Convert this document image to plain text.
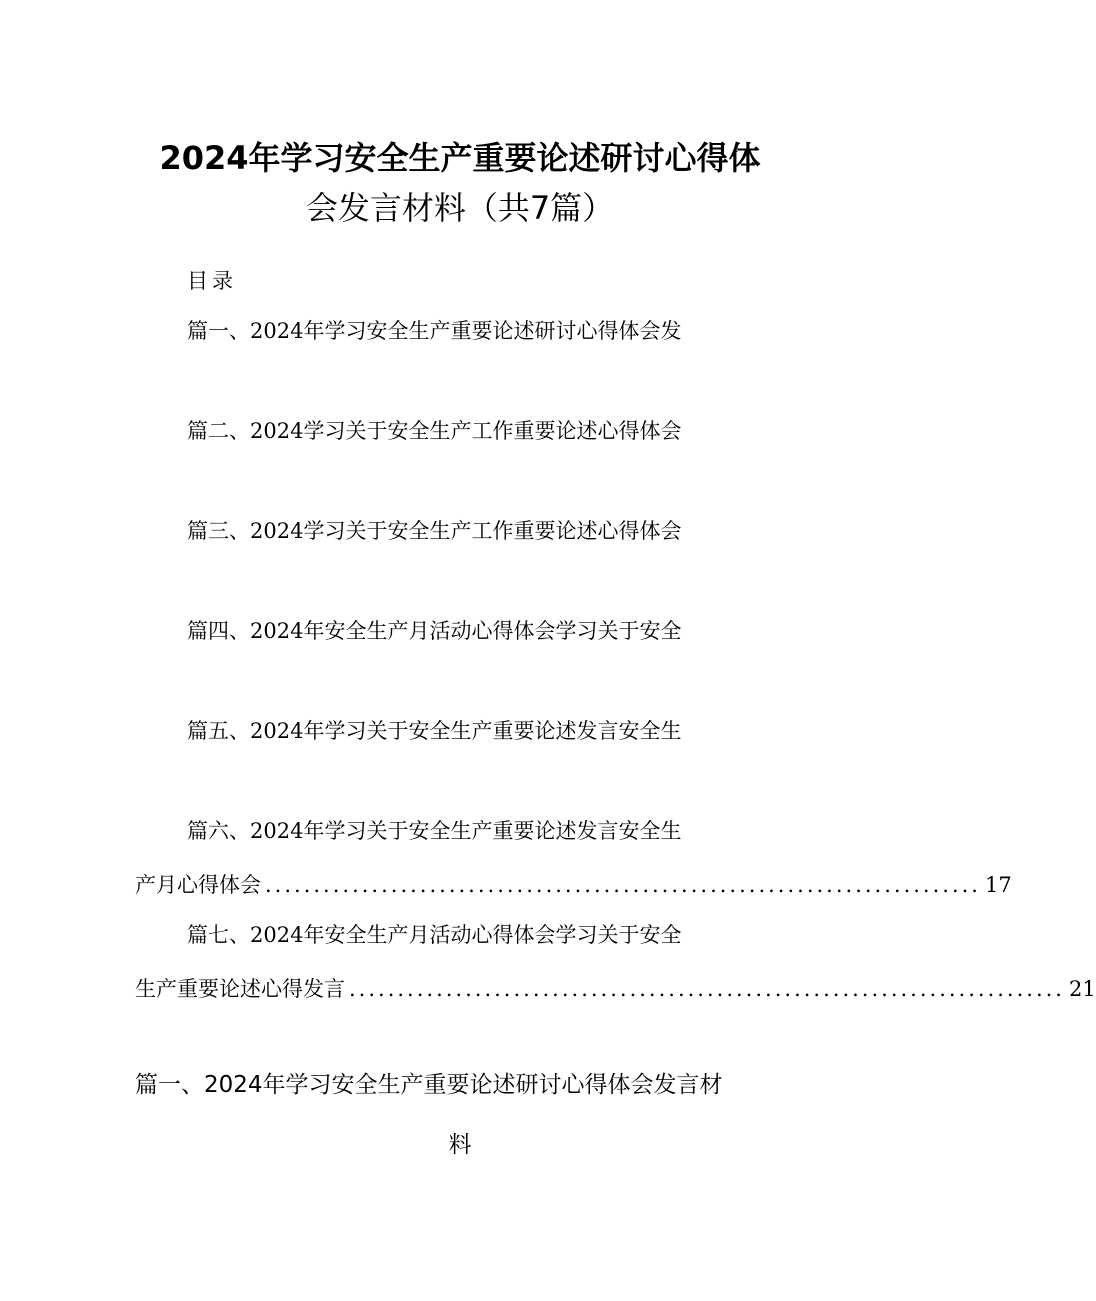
2024年学习安全生产重要论述研讨心得体
会发言材料（共7篇）
目录
篇一、2024年学习安全生产重要论述研讨心得体会发
篇二、2024学习关于安全生产工作重要论述心得体会
篇三、2024学习关于安全生产工作重要论述心得体会
篇四、2024年安全生产月活动心得体会学习关于安全
篇五、2024年学习关于安全生产重要论述发言安全生
篇六、2024年学习关于安全生产重要论述发言安全生
产月心得体会 .......................................................................... 17
篇七、2024年安全生产月活动心得体会学习关于安全
生产重要论述心得发言 .......................................................................... 21
篇一、2024年学习安全生产重要论述研讨心得体会发言材
料
